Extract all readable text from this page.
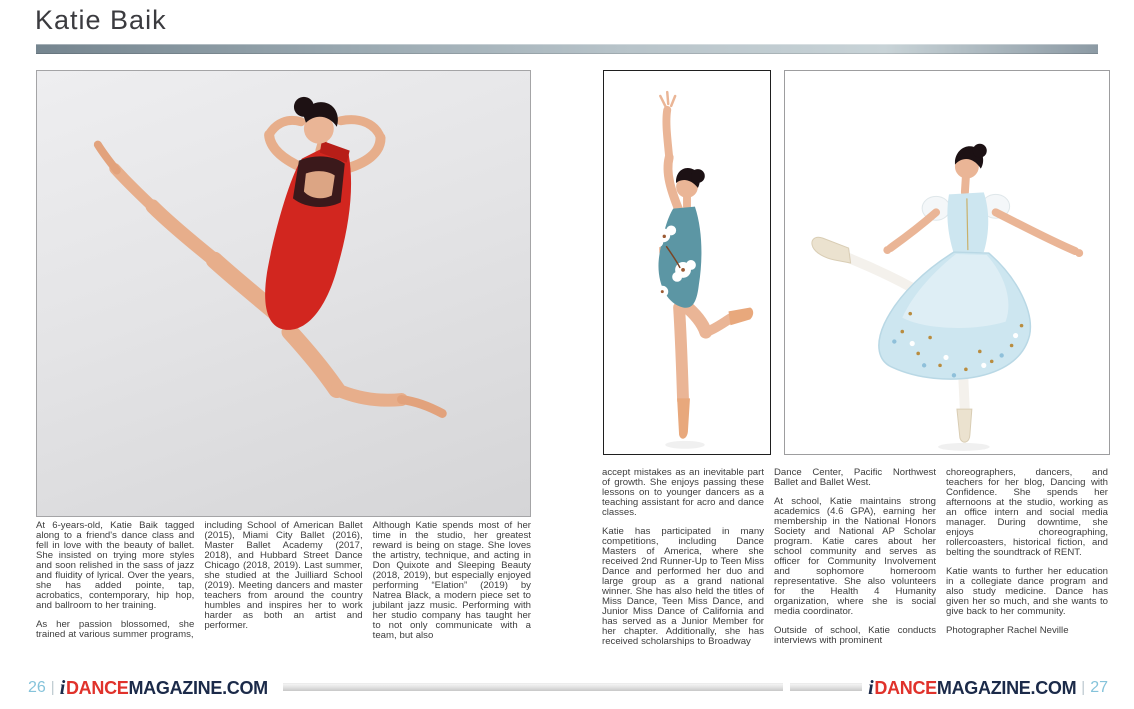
Katie Baik

At 6-years-old, Katie Baik tagged along to a friend's dance class and fell in love with the beauty of ballet. She insisted on trying more styles and soon relished in the sass of jazz and fluidity of lyrical. Over the years, she has added pointe, tap, acrobatics, contemporary, hip hop, and ballroom to her training.

As her passion blossomed, she trained at various summer programs,

including School of American Ballet (2015), Miami City Ballet (2016), Master Ballet Academy (2017, 2018), and Hubbard Street Dance Chicago (2018, 2019). Last summer, she studied at the Juilliard School (2019). Meeting dancers and master teachers from around the country humbles and inspires her to work harder as both an artist and performer.

Although Katie spends most of her time in the studio, her greatest reward is being on stage. She loves the artistry, technique, and acting in Don Quixote and Sleeping Beauty (2018, 2019), but especially enjoyed performing “Elation” (2019) by Natrea Black, a modern piece set to jubilant jazz music. Performing with her studio company has taught her to not only communicate with a team, but also

accept mistakes as an inevitable part of growth. She enjoys passing these lessons on to younger dancers as a teaching assistant for acro and dance classes.

Katie has participated in many competitions, including Dance Masters of America, where she received 2nd Runner-Up to Teen Miss Dance and performed her duo and large group as a grand national winner. She has also held the titles of Miss Dance, Teen Miss Dance, and Junior Miss Dance of California and has served as a Junior Member for her chapter. Additionally, she has received scholarships to Broadway

Dance Center, Pacific Northwest Ballet and Ballet West.

At school, Katie maintains strong academics (4.6 GPA), earning her membership in the National Honors Society and National AP Scholar program. Katie cares about her school community and serves as officer for Community Involvement and sophomore homeroom representative. She also volunteers for the Health 4 Humanity organization, where she is social media coordinator.

Outside of school, Katie conducts interviews with prominent

choreographers, dancers, and teachers for her blog, Dancing with Confidence. She spends her afternoons at the studio, working as an office intern and social media manager. During downtime, she enjoys choreographing, rollercoasters, historical fiction, and belting the soundtrack of RENT.

Katie wants to further her education in a collegiate dance program and also study medicine. Dance has given her so much, and she wants to give back to her community.

Photographer Rachel Neville

26 | i DANCE MAGAZINE.COM	i DANCE MAGAZINE.COM | 27
